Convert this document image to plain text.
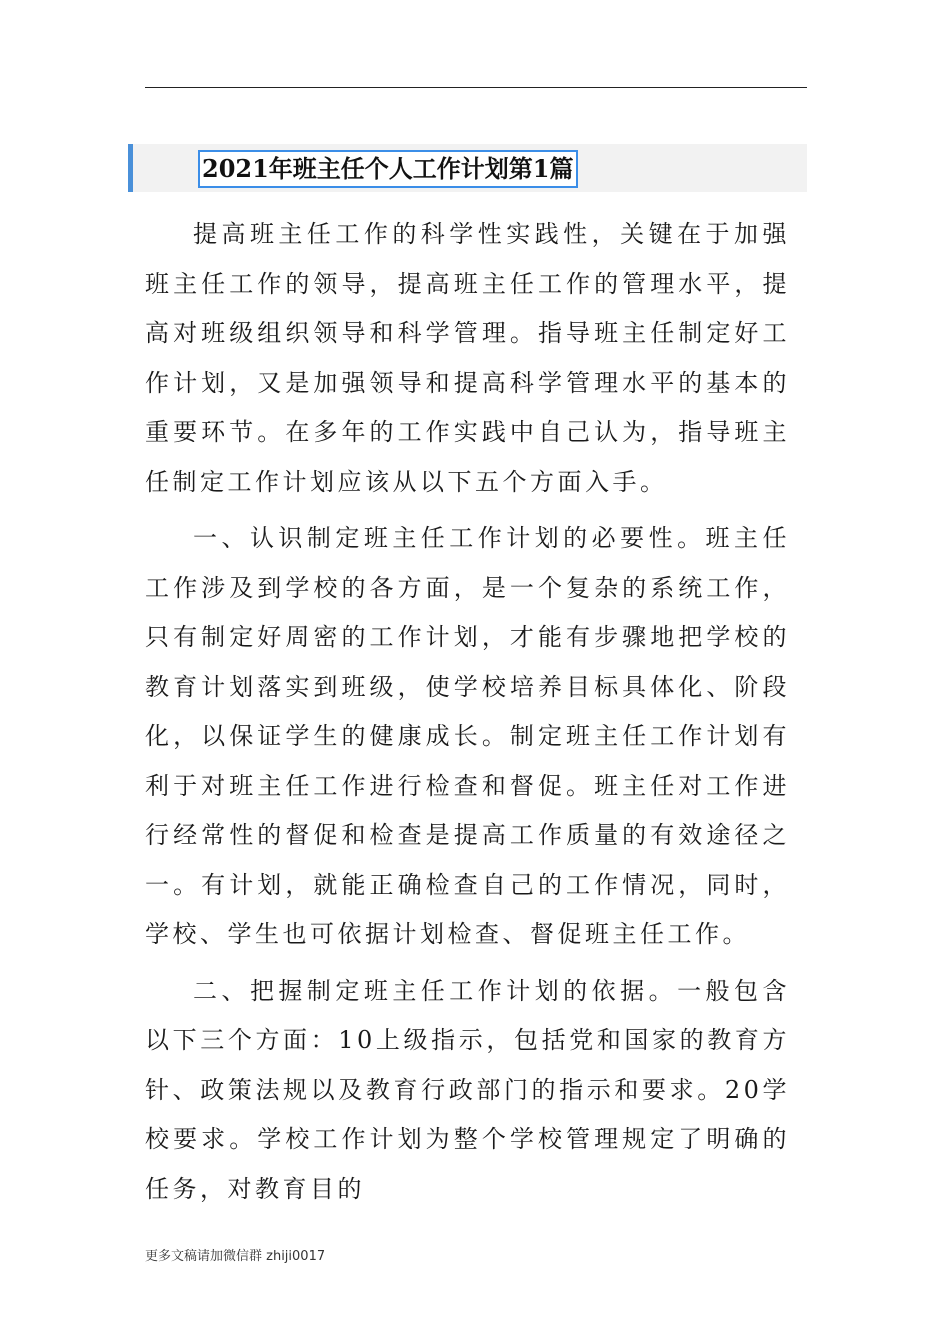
2021年班主任个人工作计划第1篇

提高班主任工作的科学性实践性，关键在于加强班主任工作的领导，提高班主任工作的管理水平，提高对班级组织领导和科学管理。指导班主任制定好工作计划，又是加强领导和提高科学管理水平的基本的重要环节。在多年的工作实践中自己认为，指导班主任制定工作计划应该从以下五个方面入手。

一、认识制定班主任工作计划的必要性。班主任工作涉及到学校的各方面，是一个复杂的系统工作，只有制定好周密的工作计划，才能有步骤地把学校的教育计划落实到班级，使学校培养目标具体化、阶段化，以保证学生的健康成长。制定班主任工作计划有利于对班主任工作进行检查和督促。班主任对工作进行经常性的督促和检查是提高工作质量的有效途径之一。有计划，就能正确检查自己的工作情况，同时，学校、学生也可依据计划检查、督促班主任工作。

二、把握制定班主任工作计划的依据。一般包含以下三个方面：10上级指示，包括党和国家的教育方针、政策法规以及教育行政部门的指示和要求。20学校要求。学校工作计划为整个学校管理规定了明确的任务，对教育目的

更多文稿请加微信群 zhiji0017
